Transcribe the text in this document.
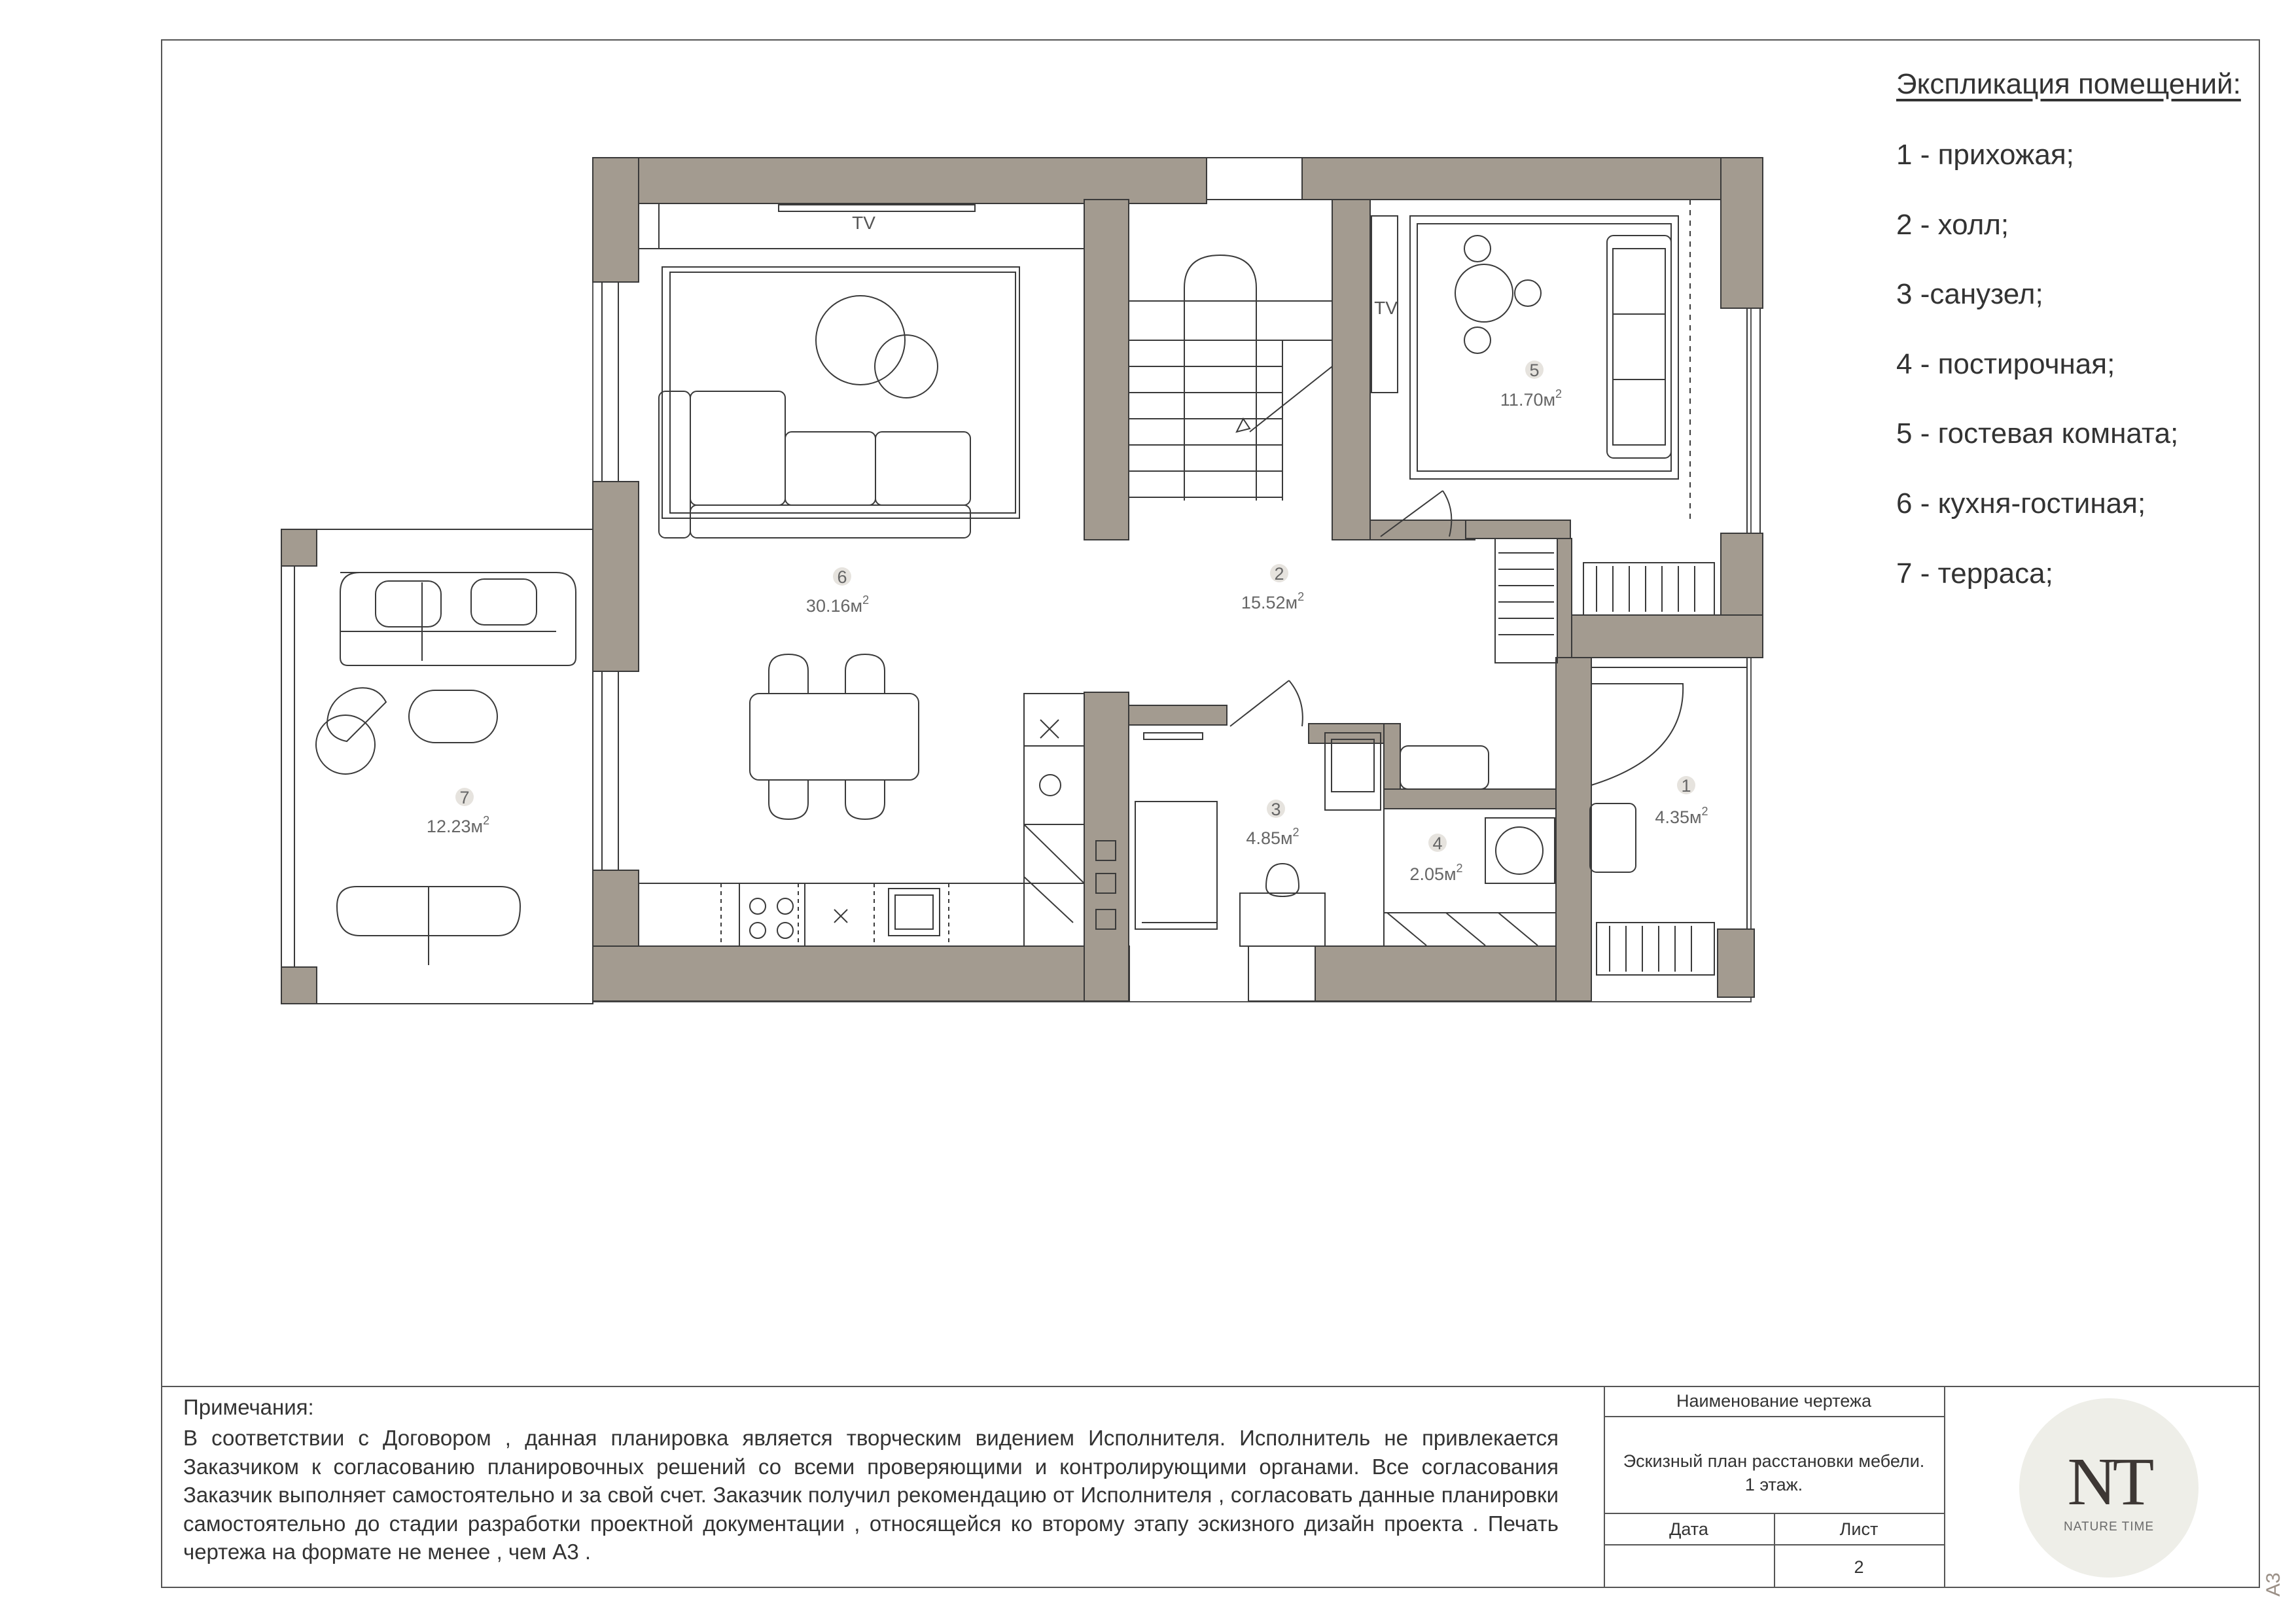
TV
TV
1
$4.35м^2$
2
$15.52м^2$
3
$4.85м^2$
4
$2.05м^2$
5
$11.70м^2$
6
$30.16м^2$
7
$12.23м^2$
Экспликация помещений:
1 - прихожая;
2 - холл;
3 -санузел;
4 - постирочная;
5 - гостевая комната;
6 - кухня-гостиная;
7 - терраса;
Примечания:
В соответствии с Договором , данная планировка является творческим видением Исполнителя. Исполнитель не привлекается Заказчиком к согласованию планировочных решений со всеми проверяющими и контролирующими органами. Все согласования Заказчик выполняет самостоятельно и за свой счет. Заказчик получил рекомендацию от Исполнителя , согласовать данные планировки самостоятельно до стадии разработки проектной документации , относящейся ко второму этапу эскизного дизайн проекта . Печать чертежа на формате не менее , чем А3 .
Наименование чертежа
Эскизный план расстановки мебели.
1 этаж.
Дата	Лист
2
NT
NATURE TIME
A3
